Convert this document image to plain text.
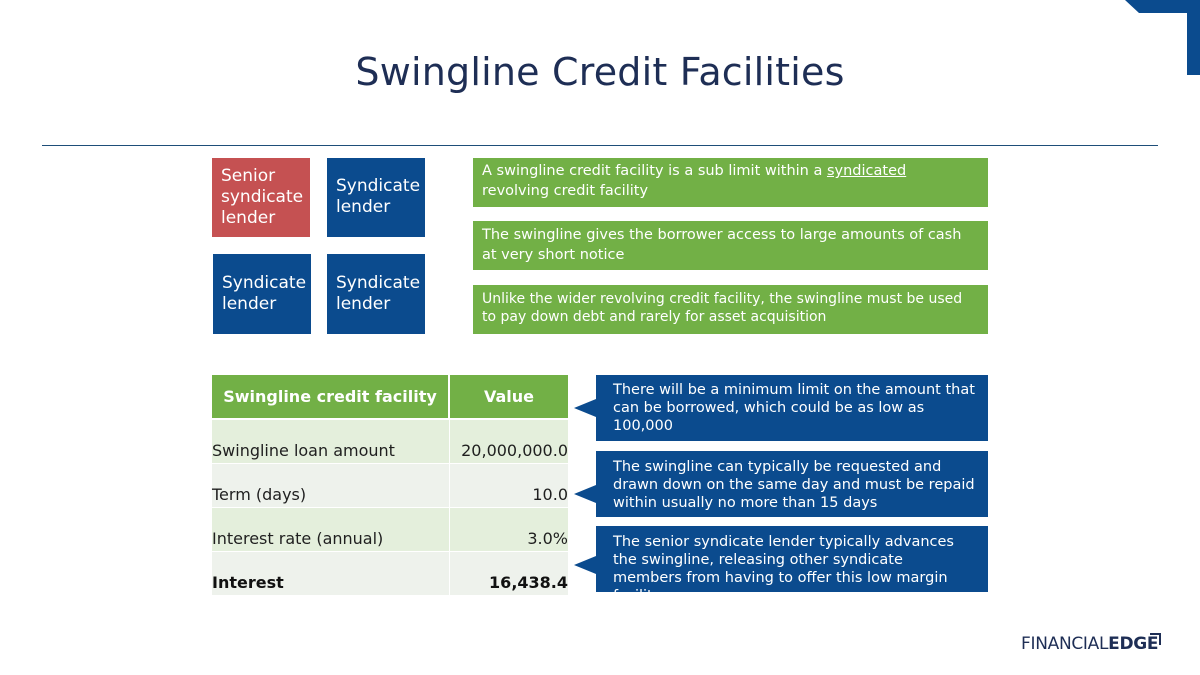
Swingline Credit Facilities
Senior syndicate lender
Syndicate lender
Syndicate lender
Syndicate lender
A swingline credit facility is a sub limit within a syndicated
revolving credit facility
The swingline gives the borrower access to large amounts of cash at very short notice
Unlike the wider revolving credit facility, the swingline must be used to pay down debt and rarely for asset acquisition
Swingline credit facility	Value
Swingline loan amount	20,000,000.0
Term (days)	10.0
Interest rate (annual)	3.0%
Interest	16,438.4
There will be a minimum limit on the amount that can be borrowed, which could be as low as 100,000
The swingline can typically be requested and drawn down on the same day and must be repaid within usually no more than 15 days
The senior syndicate lender typically advances the swingline, releasing other syndicate members from having to offer this low margin facility
FINANCIALEDGE
